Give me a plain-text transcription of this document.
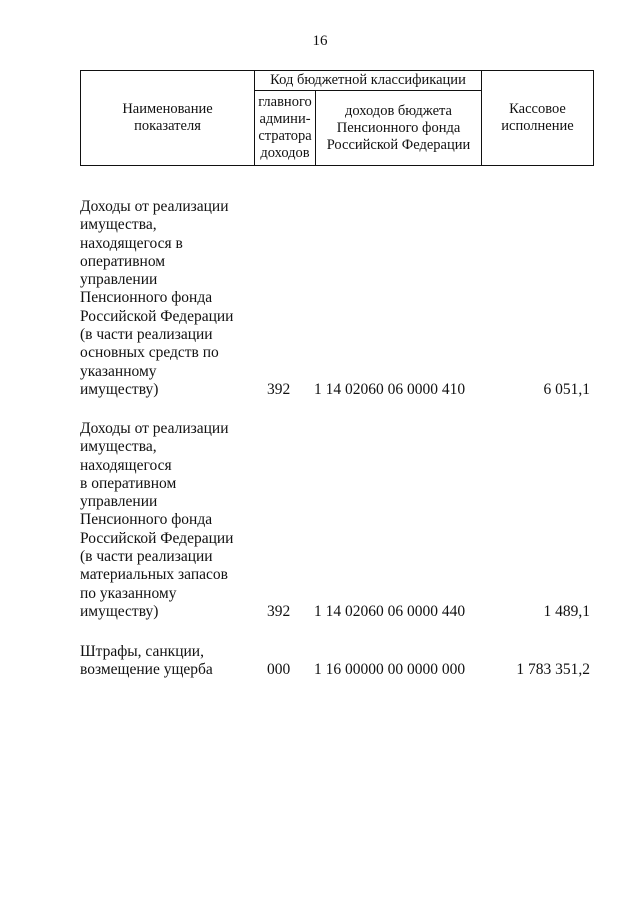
16
Наименование
показателя	Код бюджетной классификации		Кассовое
исполнение

	главного
админи-
стратора
доходов	доходов бюджета
Пенсионного фонда
Российской Федерации	
Доходы от реализации
имущества,
находящегося в
оперативном
управлении
Пенсионного фонда
Российской Федерации
(в части реализации
основных средств по
указанному
имуществу)	392 1 14 02060 06 0000 410	6 051,1
Доходы от реализации
имущества,
находящегося
в оперативном
управлении
Пенсионного фонда
Российской Федерации
(в части реализации
материальных запасов
по указанному
имуществу)	392 1 14 02060 06 0000 440	1 489,1
Штрафы, санкции,
возмещение ущерба	000 1 16 00000 00 0000 000	1 783 351,2
